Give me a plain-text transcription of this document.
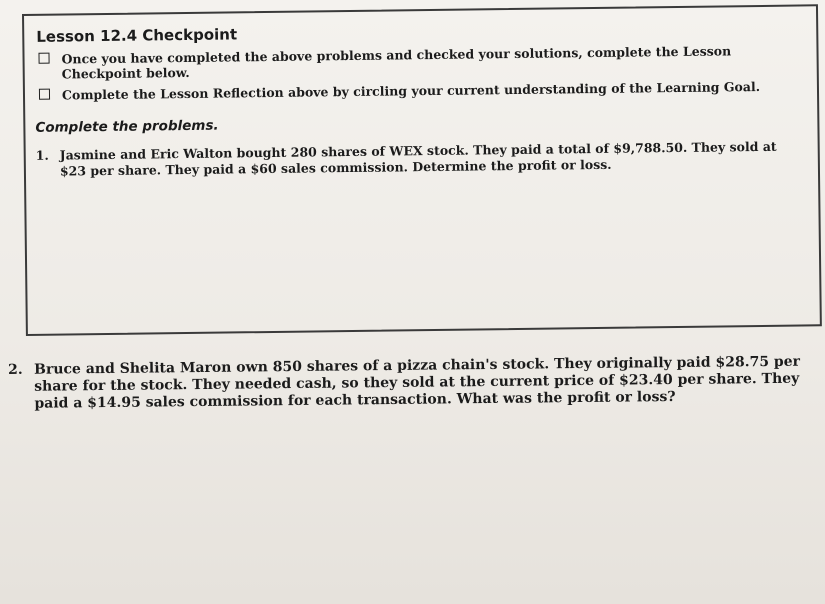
Lesson 12.4 Checkpoint
Once you have completed the above problems and checked your solutions, complete the Lesson Checkpoint below.
Complete the Lesson Reflection above by circling your current understanding of the Learning Goal.
Complete the problems.
1. Jasmine and Eric Walton bought 280 shares of WEX stock. They paid a total of $9,788.50. They sold at $23 per share. They paid a $60 sales commission. Determine the profit or loss.
2. Bruce and Shelita Maron own 850 shares of a pizza chain's stock. They originally paid $28.75 per share for the stock. They needed cash, so they sold at the current price of $23.40 per share. They paid a $14.95 sales commission for each transaction. What was the profit or loss?
